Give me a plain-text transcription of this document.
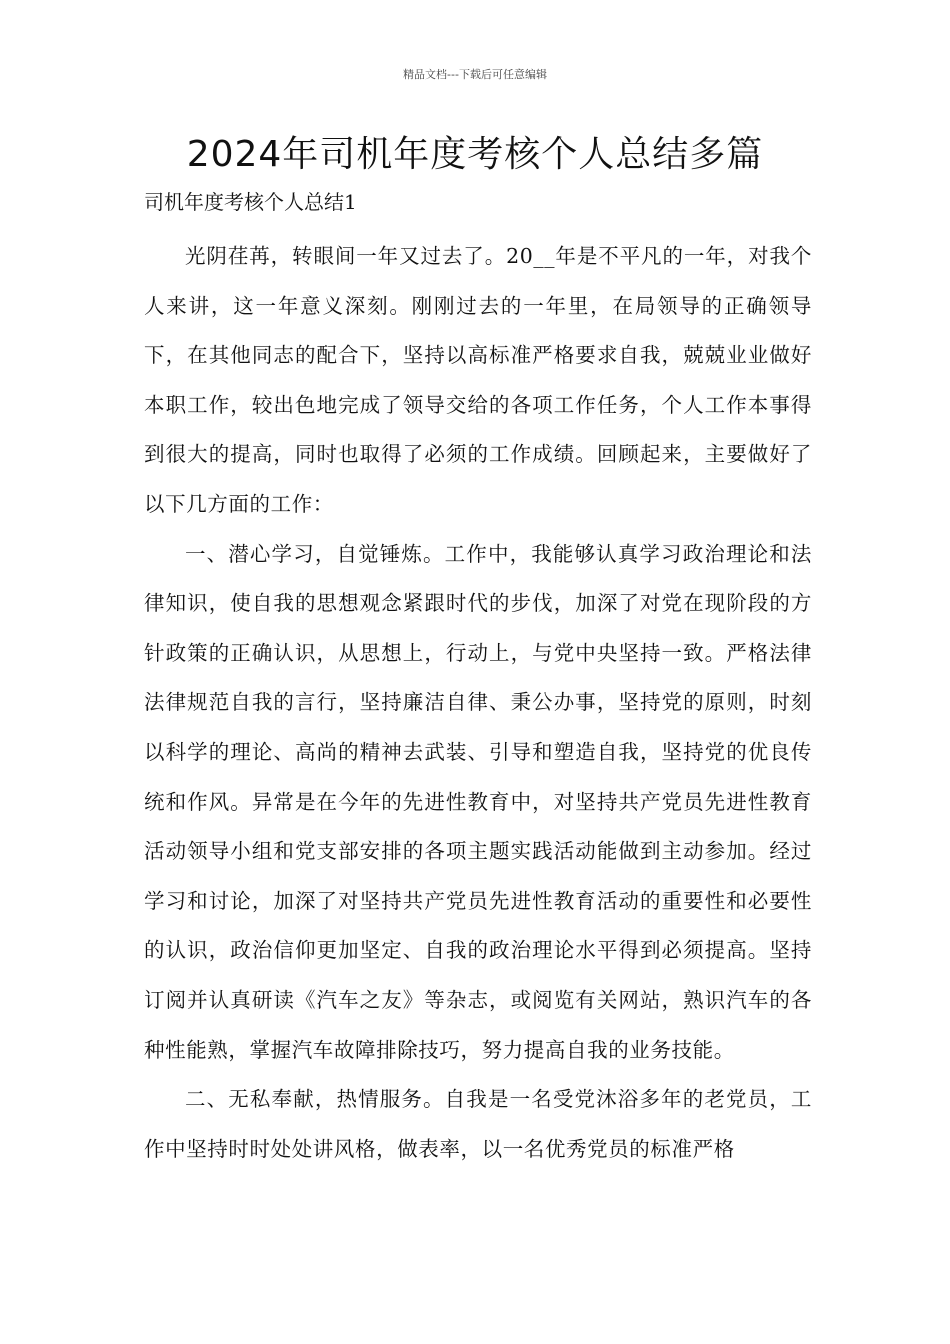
精品文档---下载后可任意编辑
2024年司机年度考核个人总结多篇
司机年度考核个人总结1

光阴荏苒，转眼间一年又过去了。20__年是不平凡的一年，对我个人来讲，这一年意义深刻。刚刚过去的一年里，在局领导的正确领导下，在其他同志的配合下，坚持以高标准严格要求自我，兢兢业业做好本职工作，较出色地完成了领导交给的各项工作任务，个人工作本事得到很大的提高，同时也取得了必须的工作成绩。回顾起来，主要做好了以下几方面的工作：

一、潜心学习，自觉锤炼。工作中，我能够认真学习政治理论和法律知识，使自我的思想观念紧跟时代的步伐，加深了对党在现阶段的方针政策的正确认识，从思想上，行动上，与党中央坚持一致。严格法律法律规范自我的言行，坚持廉洁自律、秉公办事，坚持党的原则，时刻以科学的理论、高尚的精神去武装、引导和塑造自我，坚持党的优良传统和作风。异常是在今年的先进性教育中，对坚持共产党员先进性教育活动领导小组和党支部安排的各项主题实践活动能做到主动参加。经过学习和讨论，加深了对坚持共产党员先进性教育活动的重要性和必要性的认识，政治信仰更加坚定、自我的政治理论水平得到必须提高。坚持订阅并认真研读《汽车之友》等杂志，或阅览有关网站，熟识汽车的各种性能熟，掌握汽车故障排除技巧，努力提高自我的业务技能。

二、无私奉献，热情服务。自我是一名受党沐浴多年的老党员，工作中坚持时时处处讲风格，做表率，以一名优秀党员的标准严格
